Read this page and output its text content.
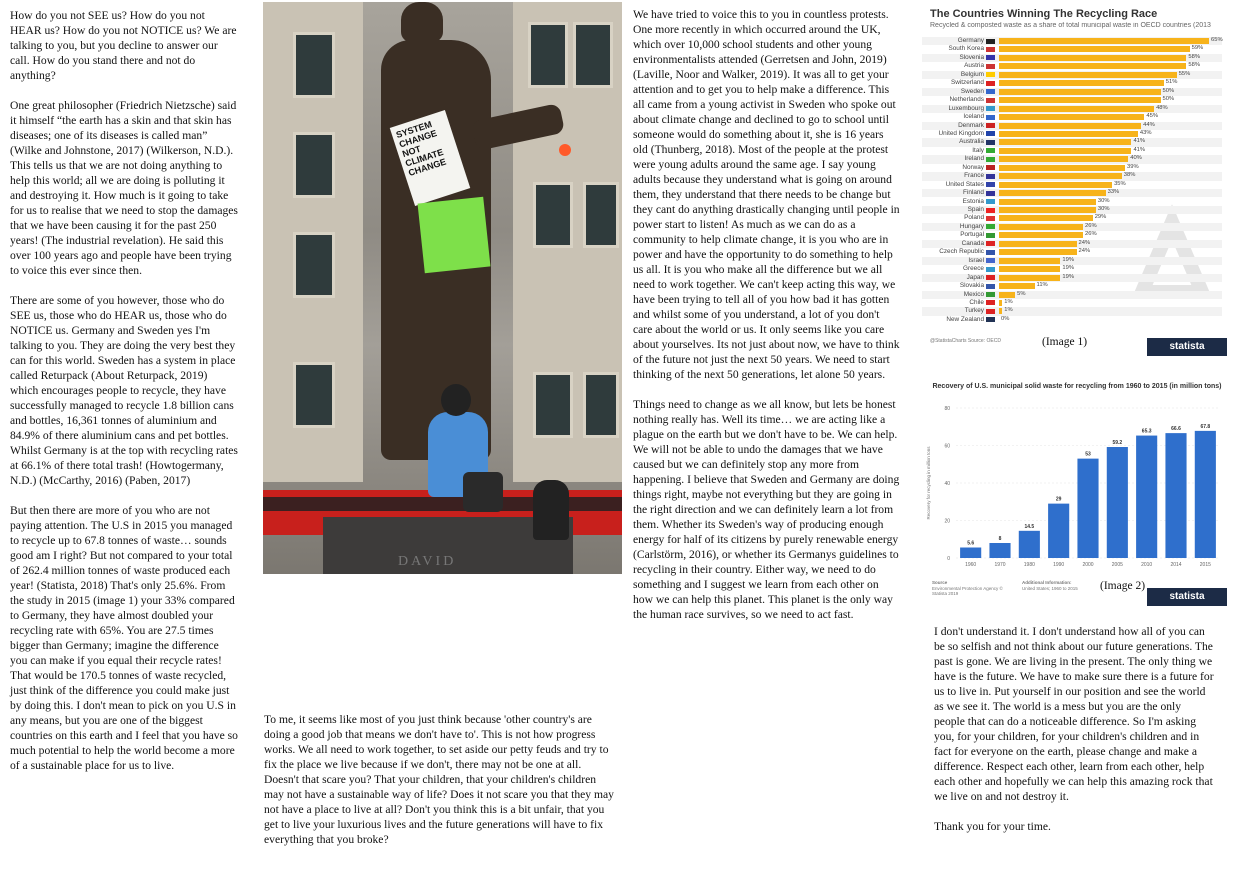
How do you not SEE us? How do you not HEAR us? How do you not NOTICE us? We are talking to you, but you decline to answer our call. How do you stand there and not do anything?

One great philosopher (Friedrich Nietzsche) said it himself “the earth has a skin and that skin has diseases; one of its diseases is called man” (Wilke and Johnstone, 2017) (Wilkerson, N.D.). This tells us that we are not doing anything to help this world; all we are doing is polluting it and destroying it. How much is it going to take for us to realise that we need to stop the damages that we have been causing it for the past 250 years! (The industrial revelation). He said this over 100 years ago and people have been trying to voice this ever since then.

There are some of you however, those who do SEE us, those who do HEAR us, those who do NOTICE us. Germany and Sweden yes I'm talking to you. They are doing the very best they can for this world. Sweden has a system in place called Returpack (About Returpack, 2019) which encourages people to recycle, they have successfully managed to recycle 1.8 billion cans and bottles, 16,361 tonnes of aluminium and 84.9% of there aluminium cans and pet bottles. Whilst Germany is at the top with recycling rates at 66.1% of there total trash! (Howtogermany, N.D.) (McCarthy, 2016) (Paben, 2017)

But then there are more of you who are not paying attention. The U.S in 2015 you managed to recycle up to 67.8 tonnes of waste… sounds good am I right? But not compared to your total of 262.4 million tonnes of waste produced each year! (Statista, 2018) That's only 25.6%. From the study in 2015 (image 1) your 33% compared to Germany, they have almost doubled your recycling rate with 65%. You are 27.5 times bigger than Germany; imagine the difference you can make if you equal their recycle rates! That would be 170.5 tonnes of waste recycled, just think of the difference you could make just by doing this. I don't mean to pick on you U.S in any means, but you are one of the biggest countries on this earth and I feel that you have so much potential to help the world become a more of a sustainable place for us to live.

SYSTEM CHANGE NOT CLIMATE CHANGE
DAVID

To me, it seems like most of you just think because 'other country's are doing a good job that means we don't have to'. This is not how progress works. We all need to work together, to set aside our petty feuds and try to fix the place we live because if we don't, there may not be one at all. Doesn't that scare you? That your children, that your children's children may not have a sustainable way of life? Does it not scare you that they may not have a place to live at all? Don't you think this is a bit unfair, that you get to live your luxurious lives and the future generations will have to fix everything that you broke?

We have tried to voice this to you in countless protests. One more recently in which occurred around the UK, which over 10,000 school students and other young environmentalists attended (Gerretsen and John, 2019) (Laville, Noor and Walker, 2019). It was all to get your attention and to get you to help make a difference. This all came from a young activist in Sweden who spoke out about climate change and declined to go to school until someone would do something about it, she is 16 years old (Thunberg, 2018). Most of the people at the protest were young adults around the same age. I say young adults because they understand what is going on around them, they understand that there needs to be change but they cant do anything drastically changing until people in power start to listen! As much as we can do as a community to help climate change, it is you who are in power and have the opportunity to do something to help us all. It is you who make all the difference but we all need to work together. We can't keep acting this way, we have been trying to tell all of you how bad it has gotten and whilst some of you understand, a lot of you don't care about the world or us. It only seems like you care about yourselves. Its not just about now, we have to think of the future not just the next 50 years. We need to start thinking of the next 50 generations, let alone 50 years.

Things need to change as we all know, but lets be honest nothing really has. Well its time… we are acting like a plague on the earth but we don't have to be. We can help. We will not be able to undo the damages that we have caused but we can definitely stop any more from happening. I believe that Sweden and Germany are doing things right, maybe not everything but they are going in the right direction and we can definitely learn a lot from them. Whether its Sweden's way of producing enough energy for half of its citizens by purely renewable energy (Carlstörm, 2016), or whether its Germanys guidelines to recycling in their country. Either way, we need to do something and I suggest we learn from each other on how we can help this planet. This planet is the only way the human race survives, so we need to act fast.

The Countries Winning The Recycling Race
Recycled & composted waste as a share of total municipal waste in OECD countries (2013
Germany	65%
South Korea	59%
Slovenia	58%
Austria	58%
Belgium	55%
Switzerland	51%
Sweden	50%
Netherlands	50%
Luxembourg	48%
Iceland	45%
Denmark	44%
United Kingdom	43%
Australia	41%
Italy	41%
Ireland	40%
Norway	39%
France	38%
United States	35%
Finland	33%
Estonia	30%
Spain	30%
Poland	29%
Hungary	26%
Portugal	26%
Canada	24%
Czech Republic	24%
Israel	19%
Greece	19%
Japan	19%
Slovakia	11%
Mexico	5%
Chile	1%
Turkey	1%
New Zealand	0%
@StatistaCharts Source: OECD	(Image 1)	statista
Recovery of U.S. municipal solid waste for recycling from 1960 to 2015 (in million tons)
Recovery for recycling in million tons
0
20
40
60
80
5.6
1960
8
1970
14.5
1980
29
1990
53
2000
59.2
2005
65.3
2010
66.6
2014
67.8
2015
Source
Environmental Protection Agency © Statista 2019
Additional Information:
United States; 1960 to 2015	(Image 2)
statista

I don't understand it. I don't understand how all of you can be so selfish and not think about our future generations. The past is gone. We are living in the present. The only thing we have is the future. We have to make sure there is a future for us to live in. Put yourself in our position and see the world as we see it. The world is a mess but you are the only people that can do a noticeable difference. So I'm asking you, for your children, for your children's children and in fact for everyone on the earth, please change and make a difference. Respect each other, learn from each other, help each other and hopefully we can help this amazing rock that we live on and not destroy it.

Thank you for your time.
